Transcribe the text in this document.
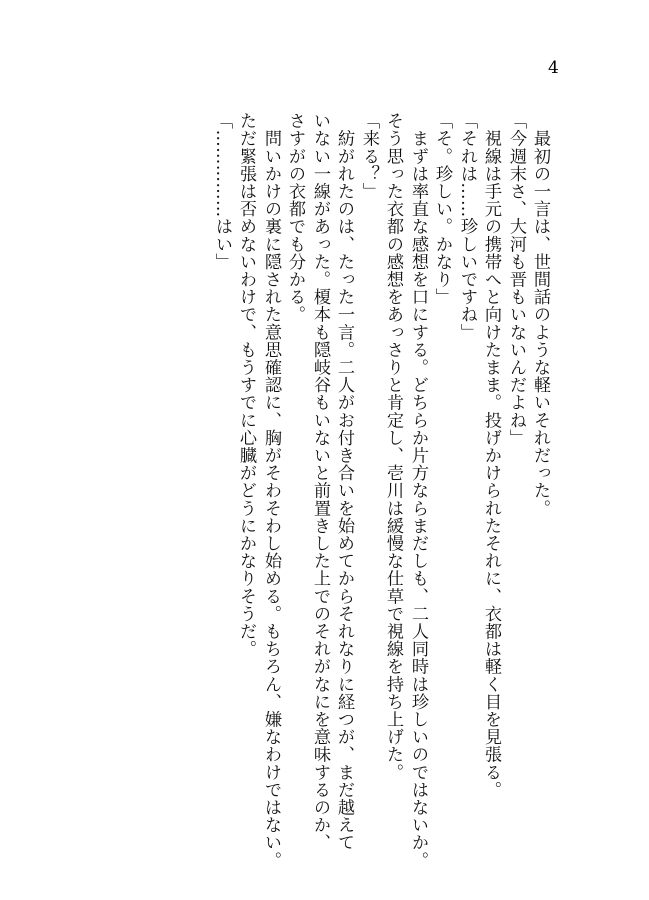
4
　最初の一言は、世間話のような軽いそれだった。
「今週末さ、大河も晋もいないんだよね」
　視線は手元の携帯へと向けたまま。投げかけられたそれに、衣都は軽く目を見張る。
「それは……珍しいですね」
「そ。珍しい。かなり」
　まずは率直な感想を口にする。どちらか片方ならまだしも、二人同時は珍しいのではないか。
そう思った衣都の感想をあっさりと肯定し、壱川は緩慢な仕草で視線を持ち上げた。
「来る？」
　紡がれたのは、たった一言。二人がお付き合いを始めてからそれなりに経つが、まだ越えて
いない一線があった。榎本も隠岐谷もいないと前置きした上でのそれがなにを意味するのか、
さすがの衣都でも分かる。
　問いかけの裏に隠された意思確認に、胸がそわそわし始める。もちろん、嫌なわけではない。
ただ緊張は否めないわけで、もうすでに心臓がどうにかなりそうだ。
「……………はい」
